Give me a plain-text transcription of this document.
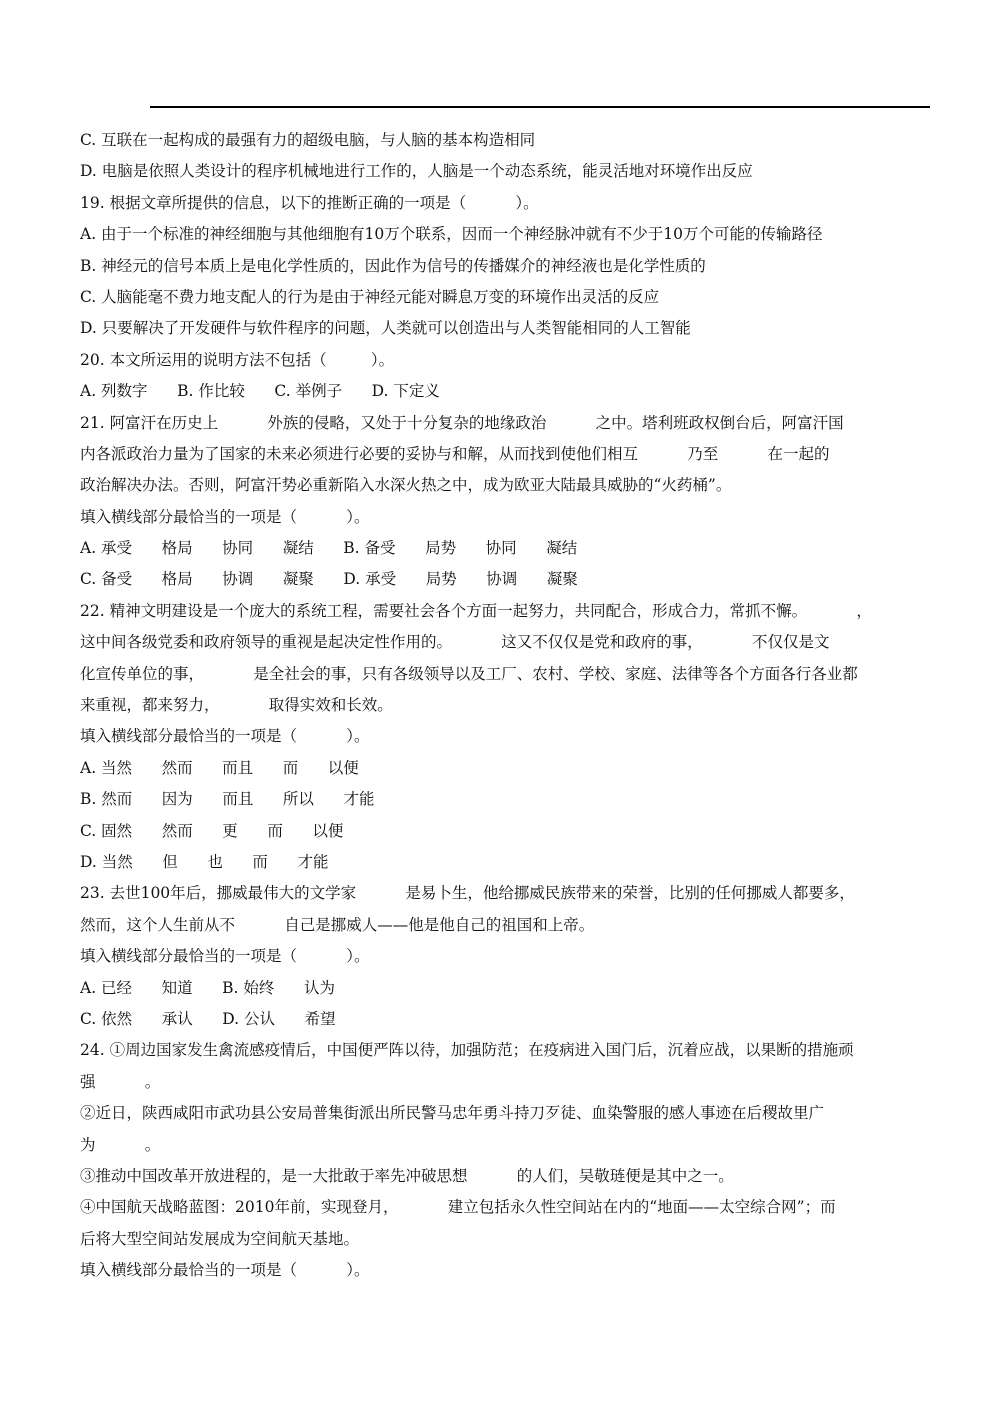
C. 互联在一起构成的最强有力的超级电脑，与人脑的基本构造相同
D. 电脑是依照人类设计的程序机械地进行工作的，人脑是一个动态系统，能灵活地对环境作出反应
19. 根据文章所提供的信息，以下的推断正确的一项是（          ）。
A. 由于一个标准的神经细胞与其他细胞有10万个联系，因而一个神经脉冲就有不少于10万个可能的传输路径
B. 神经元的信号本质上是电化学性质的，因此作为信号的传播媒介的神经液也是化学性质的
C. 人脑能毫不费力地支配人的行为是由于神经元能对瞬息万变的环境作出灵活的反应
D. 只要解决了开发硬件与软件程序的问题，人类就可以创造出与人类智能相同的人工智能
20. 本文所运用的说明方法不包括（         ）。
A. 列数字      B. 作比较      C. 举例子      D. 下定义
21. 阿富汗在历史上          外族的侵略，又处于十分复杂的地缘政治          之中。塔利班政权倒台后，阿富汗国
内各派政治力量为了国家的未来必须进行必要的妥协与和解，从而找到使他们相互          乃至          在一起的
政治解决办法。否则，阿富汗势必重新陷入水深火热之中，成为欧亚大陆最具威胁的“火药桶”。
填入横线部分最恰当的一项是（          ）。
A. 承受      格局      协同      凝结      B. 备受      局势      协同      凝结
C. 备受      格局      协调      凝聚      D. 承受      局势      协调      凝聚
22. 精神文明建设是一个庞大的系统工程，需要社会各个方面一起努力，共同配合，形成合力，常抓不懈。          ，
这中间各级党委和政府领导的重视是起决定性作用的。          这又不仅仅是党和政府的事，          不仅仅是文
化宣传单位的事，          是全社会的事，只有各级领导以及工厂、农村、学校、家庭、法律等各个方面各行各业都
来重视，都来努力，          取得实效和长效。
填入横线部分最恰当的一项是（          ）。
A. 当然      然而      而且      而      以便
B. 然而      因为      而且      所以      才能
C. 固然      然而      更      而      以便
D. 当然      但      也      而      才能
23. 去世100年后，挪威最伟大的文学家          是易卜生，他给挪威民族带来的荣誉，比别的任何挪威人都要多，
然而，这个人生前从不          自己是挪威人——他是他自己的祖国和上帝。
填入横线部分最恰当的一项是（          ）。
A. 已经      知道      B. 始终      认为
C. 依然      承认      D. 公认      希望
24. ①周边国家发生禽流感疫情后，中国便严阵以待，加强防范；在疫病进入国门后，沉着应战，以果断的措施顽
强          。
②近日，陕西咸阳市武功县公安局普集街派出所民警马忠年勇斗持刀歹徒、血染警服的感人事迹在后稷故里广
为          。
③推动中国改革开放进程的，是一大批敢于率先冲破思想          的人们，吴敬琏便是其中之一。
④中国航天战略蓝图：2010年前，实现登月，          建立包括永久性空间站在内的“地面——太空综合网”；而
后将大型空间站发展成为空间航天基地。
填入横线部分最恰当的一项是（          ）。
